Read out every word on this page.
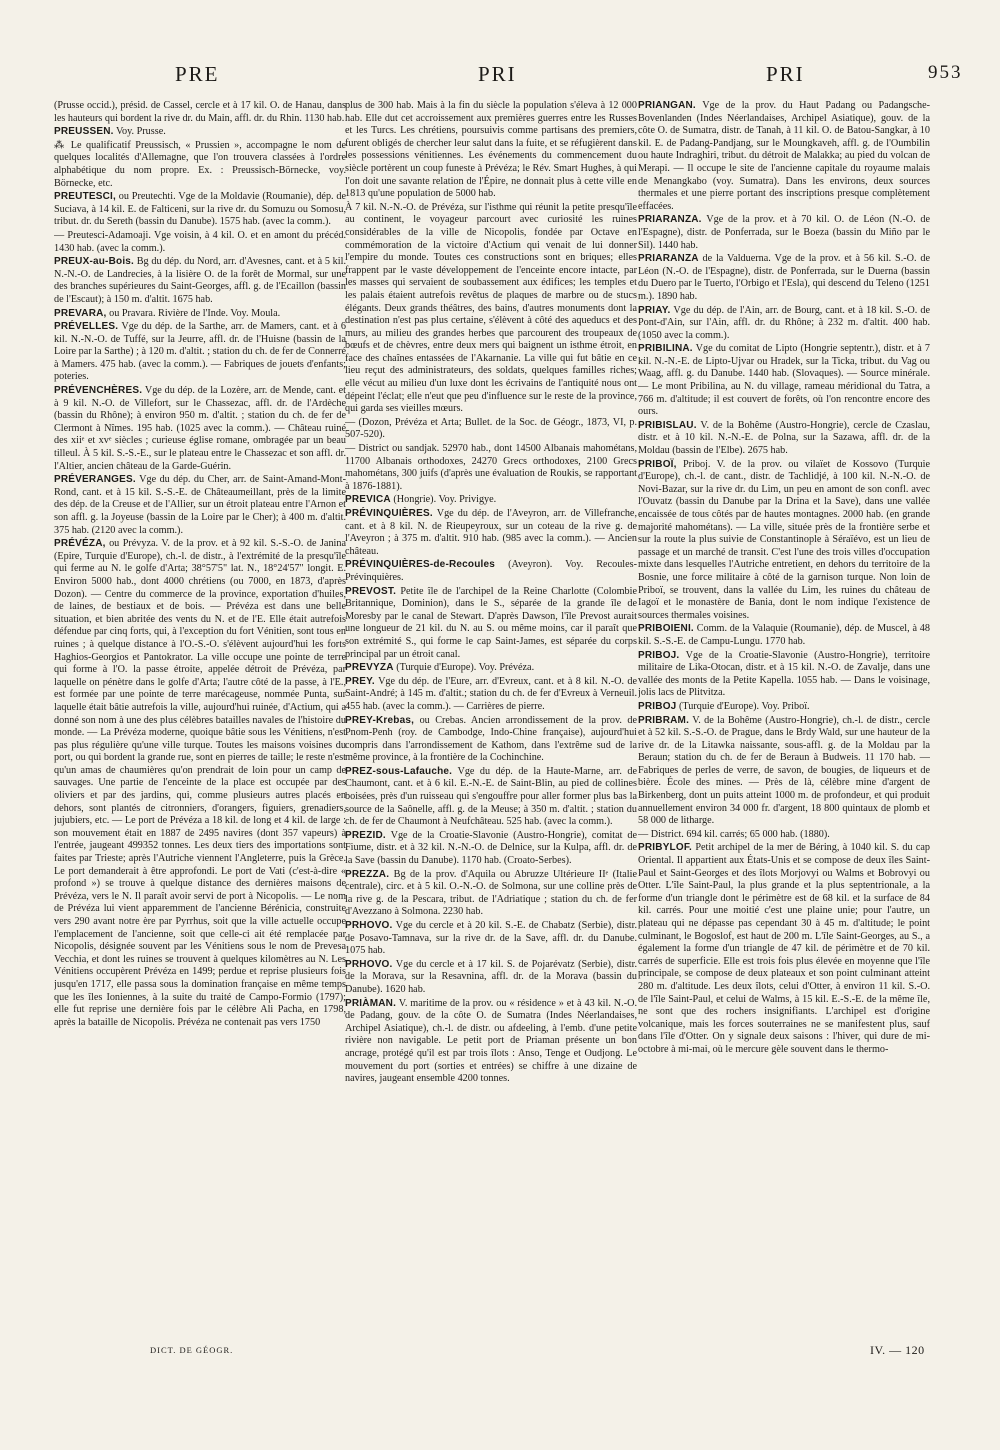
PRE	PRI	PRI	953

(Prusse occid.), présid. de Cassel, cercle et à 17 kil. O. de Hanau, dans les hauteurs qui bordent la rive dr. du Main, affl. dr. du Rhin. 1130 hab.

PREUSSEN. Voy. Prusse.

⁂ Le qualificatif Preussisch, « Prussien », accompagne le nom de quelques localités d'Allemagne, que l'on trouvera classées à l'ordre alphabétique du nom propre. Ex. : Preussisch-Börnecke, voy. Börnecke, etc.

PREUTESCI, ou Preutechti. Vge de la Moldavie (Roumanie), dép. de Suciava, à 14 kil. E. de Falticeni, sur la rive dr. du Somuzu ou Somosu, tribut. dr. du Sereth (bassin du Danube). 1575 hab. (avec la comm.).

— Preutesci-Adamoaji. Vge voisin, à 4 kil. O. et en amont du précéd. 1430 hab. (avec la comm.).

PREUX-au-Bois. Bg du dép. du Nord, arr. d'Avesnes, cant. et à 5 kil. N.-N.-O. de Landrecies, à la lisière O. de la forêt de Mormal, sur une des branches supérieures du Saint-Georges, affl. g. de l'Ecaillon (bassin de l'Escaut); à 150 m. d'altit. 1675 hab.

PREVARA, ou Pravara. Rivière de l'Inde. Voy. Moula.

PRÉVELLES. Vge du dép. de la Sarthe, arr. de Mamers, cant. et à 6 kil. N.-N.-O. de Tuffé, sur la Jeurre, affl. dr. de l'Huisne (bassin de la Loire par la Sarthe) ; à 120 m. d'altit. ; station du ch. de fer de Connerré à Mamers. 475 hab. (avec la comm.). — Fabriques de jouets d'enfants; poteries.

PRÉVENCHÈRES. Vge du dép. de la Lozère, arr. de Mende, cant. et à 9 kil. N.-O. de Villefort, sur le Chassezac, affl. dr. de l'Ardèche (bassin du Rhône); à environ 950 m. d'altit. ; station du ch. de fer de Clermont à Nîmes. 195 hab. (1025 avec la comm.). — Château ruiné des xiiᵉ et xvᵉ siècles ; curieuse église romane, ombragée par un beau tilleul. À 5 kil. S.-S.-E., sur le plateau entre le Chassezac et son affl. dr. l'Altier, ancien château de la Garde-Guérin.

PRÉVERANGES. Vge du dép. du Cher, arr. de Saint-Amand-Mont-Rond, cant. et à 15 kil. S.-S.-E. de Châteaumeillant, près de la limite des dép. de la Creuse et de l'Allier, sur un étroit plateau entre l'Arnon et son affl. g. la Joyeuse (bassin de la Loire par le Cher); à 400 m. d'altit. 375 hab. (2120 avec la comm.).

PRÉVÉZA, ou Prévyza. V. de la prov. et à 92 kil. S.-S.-O. de Janina (Epire, Turquie d'Europe), ch.-l. de distr., à l'extrémité de la presqu'île qui ferme au N. le golfe d'Arta; 38°57'5" lat. N., 18°24'57" longit. E. Environ 5000 hab., dont 4000 chrétiens (ou 7000, en 1873, d'après Dozon). — Centre du commerce de la province, exportation d'huiles, de laines, de bestiaux et de bois. — Prévéza est dans une belle situation, et bien abritée des vents du N. et de l'E. Elle était autrefois défendue par cinq forts, qui, à l'exception du fort Vénitien, sont tous en ruines ; à quelque distance à l'O.-S.-O. s'élèvent aujourd'hui les forts Haghios-Georgios et Pantokrator. La ville occupe une pointe de terre qui forme à l'O. la passe étroite, appelée détroit de Prévéza, par laquelle on pénètre dans le golfe d'Arta; l'autre côté de la passe, à l'E., est formée par une pointe de terre marécageuse, nommée Punta, sur laquelle était bâtie autrefois la ville, aujourd'hui ruinée, d'Actium, qui a donné son nom à une des plus célèbres batailles navales de l'histoire du monde. — La Prévéza moderne, quoique bâtie sous les Vénitiens, n'est pas plus régulière qu'une ville turque. Toutes les maisons voisines du port, ou qui bordent la grande rue, sont en pierres de taille; le reste n'est qu'un amas de chaumières qu'on prendrait de loin pour un camp de sauvages. Une partie de l'enceinte de la place est occupée par des oliviers et par des jardins, qui, comme plusieurs autres placés en dehors, sont plantés de citronniers, d'orangers, figuiers, grenadiers, jujubiers, etc. — Le port de Prévéza a 18 kil. de long et 4 kil. de large : son mouvement était en 1887 de 2495 navires (dont 357 vapeurs) à l'entrée, jaugeant 499352 tonnes. Les deux tiers des importations sont faites par Trieste; après l'Autriche viennent l'Angleterre, puis la Grèce. Le port demanderait à être approfondi. Le port de Vati (c'est-à-dire « profond ») se trouve à quelque distance des dernières maisons de Prévéza, vers le N. Il paraît avoir servi de port à Nicopolis. — Le nom de Prévéza lui vient apparemment de l'ancienne Bérénicia, construite vers 290 avant notre ère par Pyrrhus, soit que la ville actuelle occupe l'emplacement de l'ancienne, soit que celle-ci ait été remplacée par Nicopolis, désignée souvent par les Vénitiens sous le nom de Prevesa Vecchia, et dont les ruines se trouvent à quelques kilomètres au N. Les Vénitiens occupèrent Prévéza en 1499; perdue et reprise plusieurs fois jusqu'en 1717, elle passa sous la domination française en même temps que les îles Ioniennes, à la suite du traité de Campo-Formio (1797); elle fut reprise une dernière fois par le célèbre Ali Pacha, en 1798, après la bataille de Nicopolis. Prévéza ne contenait pas vers 1750

plus de 300 hab. Mais à la fin du siècle la population s'éleva à 12 000 hab. Elle dut cet accroissement aux premières guerres entre les Russes et les Turcs. Les chrétiens, poursuivis comme partisans des premiers, furent obligés de chercher leur salut dans la fuite, et se réfugièrent dans les possessions vénitiennes. Les événements du commencement du siècle portèrent un coup funeste à Prévéza; le Rév. Smart Hughes, à qui l'on doit une savante relation de l'Épire, ne donnait plus à cette ville en 1813 qu'une population de 5000 hab.

À 7 kil. N.-N.-O. de Prévéza, sur l'isthme qui réunit la petite presqu'île au continent, le voyageur parcourt avec curiosité les ruines considérables de la ville de Nicopolis, fondée par Octave en commémoration de la victoire d'Actium qui venait de lui donner l'empire du monde. Toutes ces constructions sont en briques; elles frappent par le vaste développement de l'enceinte encore intacte, par les masses qui servaient de soubassement aux édifices; les temples et les palais étaient autrefois revêtus de plaques de marbre ou de stucs élégants. Deux grands théâtres, des bains, d'autres monuments dont la destination n'est pas plus certaine, s'élèvent à côté des aqueducs et des murs, au milieu des grandes herbes que parcourent des troupeaux de bœufs et de chèvres, entre deux mers qui baignent un isthme étroit, en face des chaînes entassées de l'Akarnanie. La ville qui fut bâtie en ce lieu reçut des administrateurs, des soldats, quelques familles riches; elle vécut au milieu d'un luxe dont les écrivains de l'antiquité nous ont dépeint l'éclat; elle n'eut que peu d'influence sur le reste de la province, qui garda ses vieilles mœurs.

— (Dozon, Prévéza et Arta; Bullet. de la Soc. de Géogr., 1873, VI, p. 507-520).

— District ou sandjak. 52970 hab., dont 14500 Albanais mahométans, 11700 Albanais orthodoxes, 24270 Grecs orthodoxes, 2100 Grecs mahométans, 300 juifs (d'après une évaluation de Roukis, se rapportant à 1876-1881).

PREVICA (Hongrie). Voy. Privigye.

PRÉVINQUIÈRES. Vge du dép. de l'Aveyron, arr. de Villefranche, cant. et à 8 kil. N. de Rieupeyroux, sur un coteau de la rive g. de l'Aveyron ; à 375 m. d'altit. 910 hab. (985 avec la comm.). — Ancien château.

PRÉVINQUIÈRES-de-Recoules (Aveyron). Voy. Recoules-Prévinquières.

PREVOST. Petite île de l'archipel de la Reine Charlotte (Colombie Britannique, Dominion), dans le S., séparée de la grande île de Moresby par le canal de Stewart. D'après Dawson, l'île Prevost aurait une longueur de 21 kil. du N. au S. ou même moins, car il paraît que son extrémité S., qui forme le cap Saint-James, est séparée du corps principal par un étroit canal.

PREVYZA (Turquie d'Europe). Voy. Prévéza.

PREY. Vge du dép. de l'Eure, arr. d'Evreux, cant. et à 8 kil. N.-O. de Saint-André; à 145 m. d'altit.; station du ch. de fer d'Evreux à Verneuil. 455 hab. (avec la comm.). — Carrières de pierre.

PREY-Krebas, ou Crebas. Ancien arrondissement de la prov. de Pnom-Penh (roy. de Cambodge, Indo-Chine française), aujourd'hui compris dans l'arrondissement de Kathom, dans l'extrême sud de la même province, à la frontière de la Cochinchine.

PREZ-sous-Lafauche. Vge du dép. de la Haute-Marne, arr. de Chaumont, cant. et à 6 kil. E.-N.-E. de Saint-Blin, au pied de collines boisées, près d'un ruisseau qui s'engouffre pour aller former plus bas la source de la Saônelle, affl. g. de la Meuse; à 350 m. d'altit. ; station du ch. de fer de Chaumont à Neufchâteau. 525 hab. (avec la comm.).

PREZID. Vge de la Croatie-Slavonie (Austro-Hongrie), comitat de Fiume, distr. et à 32 kil. N.-N.-O. de Delnice, sur la Kulpa, affl. dr. de la Save (bassin du Danube). 1170 hab. (Croato-Serbes).

PREZZA. Bg de la prov. d'Aquila ou Abruzze Ultérieure IIᵉ (Italie centrale), circ. et à 5 kil. O.-N.-O. de Solmona, sur une colline près de la rive g. de la Pescara, tribut. de l'Adriatique ; station du ch. de fer d'Avezzano à Solmona. 2230 hab.

PRHOVO. Vge du cercle et à 20 kil. S.-E. de Chabatz (Serbie), distr. de Posavo-Tamnava, sur la rive dr. de la Save, affl. dr. du Danube. 1075 hab.

PRHOVO. Vge du cercle et à 17 kil. S. de Pojarévatz (Serbie), distr. de la Morava, sur la Resavnina, affl. dr. de la Morava (bassin du Danube). 1620 hab.

PRIÀMAN. V. maritime de la prov. ou « résidence » et à 43 kil. N.-O. de Padang, gouv. de la côte O. de Sumatra (Indes Néerlandaises, Archipel Asiatique), ch.-l. de distr. ou afdeeling, à l'emb. d'une petite rivière non navigable. Le petit port de Priaman présente un bon ancrage, protégé qu'il est par trois îlots : Anso, Tenge et Oudjong. Le mouvement du port (sorties et entrées) se chiffre à une dizaine de navires, jaugeant ensemble 4200 tonnes.

PRIANGAN. Vge de la prov. du Haut Padang ou Padangsche-Bovenlanden (Indes Néerlandaises, Archipel Asiatique), gouv. de la côte O. de Sumatra, distr. de Tanah, à 11 kil. O. de Batou-Sangkar, à 10 kil. E. de Padang-Pandjang, sur le Moungkaveh, affl. g. de l'Oumbilin ou haute Indraghiri, tribut. du détroit de Malakka; au pied du volcan de Merapi. — Il occupe le site de l'ancienne capitale du royaume malais de Menangkabo (voy. Sumatra). Dans les environs, deux sources thermales et une pierre portant des inscriptions presque complètement effacées.

PRIARANZA. Vge de la prov. et à 70 kil. O. de Léon (N.-O. de l'Espagne), distr. de Ponferrada, sur le Boeza (bassin du Miño par le Sil). 1440 hab.

PRIARANZA de la Valduerna. Vge de la prov. et à 56 kil. S.-O. de Léon (N.-O. de l'Espagne), distr. de Ponferrada, sur le Duerna (bassin du Duero par le Tuerto, l'Orbigo et l'Esla), qui descend du Teleno (1251 m.). 1890 hab.

PRIAY. Vge du dép. de l'Ain, arr. de Bourg, cant. et à 18 kil. S.-O. de Pont-d'Ain, sur l'Ain, affl. dr. du Rhône; à 232 m. d'altit. 400 hab. (1050 avec la comm.).

PRIBILINA. Vge du comitat de Lipto (Hongrie septentr.), distr. et à 7 kil. N.-N.-E. de Lipto-Ujvar ou Hradek, sur la Ticka, tribut. du Vag ou Waag, affl. g. du Danube. 1440 hab. (Slovaques). — Source minérale. — Le mont Pribilina, au N. du village, rameau méridional du Tatra, a 766 m. d'altitude; il est couvert de forêts, où l'on rencontre encore des ours.

PRIBISLAU. V. de la Bohême (Austro-Hongrie), cercle de Czaslau, distr. et à 10 kil. N.-N.-E. de Polna, sur la Sazawa, affl. dr. de la Moldau (bassin de l'Elbe). 2675 hab.

PRIBOÏ, Priboj. V. de la prov. ou vilaïet de Kossovo (Turquie d'Europe), ch.-l. de cant., distr. de Tachlidjé, à 100 kil. N.-N.-O. de Novi-Bazar, sur la rive dr. du Lim, un peu en amont de son confl. avec l'Ouvatz (bassin du Danube par la Drina et la Save), dans une vallée encaissée de tous côtés par de hautes montagnes. 2000 hab. (en grande majorité mahométans). — La ville, située près de la frontière serbe et sur la route la plus suivie de Constantinople à Séraïévo, est un lieu de passage et un marché de transit. C'est l'une des trois villes d'occupation mixte dans lesquelles l'Autriche entretient, en dehors du territoire de la Bosnie, une force militaire à côté de la garnison turque. Non loin de Priboï, se trouvent, dans la vallée du Lim, les ruines du château de Iagoï et le monastère de Bania, dont le nom indique l'existence de sources thermales voisines.

PRIBOIENI. Comm. de la Valaquie (Roumanie), dép. de Muscel, à 48 kil. S.-S.-E. de Campu-Lungu. 1770 hab.

PRIBOJ. Vge de la Croatie-Slavonie (Austro-Hongrie), territoire militaire de Lika-Otocan, distr. et à 15 kil. N.-O. de Zavalje, dans une vallée des monts de la Petite Kapella. 1055 hab. — Dans le voisinage, jolis lacs de Plitvitza.

PRIBOJ (Turquie d'Europe). Voy. Priboï.

PRIBRAM. V. de la Bohême (Austro-Hongrie), ch.-l. de distr., cercle et à 52 kil. S.-S.-O. de Prague, dans le Brdy Wald, sur une hauteur de la rive dr. de la Litawka naissante, sous-affl. g. de la Moldau par la Beraun; station du ch. de fer de Beraun à Budweis. 11 170 hab. — Fabriques de perles de verre, de savon, de bougies, de liqueurs et de bière. École des mines. — Près de là, célèbre mine d'argent de Birkenberg, dont un puits atteint 1000 m. de profondeur, et qui produit annuellement environ 34 000 fr. d'argent, 18 800 quintaux de plomb et 58 000 de litharge.

— District. 694 kil. carrés; 65 000 hab. (1880).

PRIBYLOF. Petit archipel de la mer de Béring, à 1040 kil. S. du cap Oriental. Il appartient aux États-Unis et se compose de deux îles Saint-Paul et Saint-Georges et des îlots Morjovyi ou Walms et Bobrovyi ou Otter. L'île Saint-Paul, la plus grande et la plus septentrionale, a la forme d'un triangle dont le périmètre est de 68 kil. et la surface de 84 kil. carrés. Pour une moitié c'est une plaine unie; pour l'autre, un plateau qui ne dépasse pas cependant 30 à 45 m. d'altitude; le point culminant, le Bogoslof, est haut de 200 m. L'île Saint-Georges, au S., a également la forme d'un triangle de 47 kil. de périmètre et de 70 kil. carrés de superficie. Elle est trois fois plus élevée en moyenne que l'île principale, se compose de deux plateaux et son point culminant atteint 280 m. d'altitude. Les deux îlots, celui d'Otter, à environ 11 kil. S.-O. de l'île Saint-Paul, et celui de Walms, à 15 kil. E.-S.-E. de la même île, ne sont que des rochers insignifiants. L'archipel est d'origine volcanique, mais les forces souterraines ne se manifestent plus, sauf dans l'île d'Otter. On y signale deux saisons : l'hiver, qui dure de mi-octobre à mi-mai, où le mercure gèle souvent dans le thermo-

DICT. DE GÉOGR.	IV. — 120
